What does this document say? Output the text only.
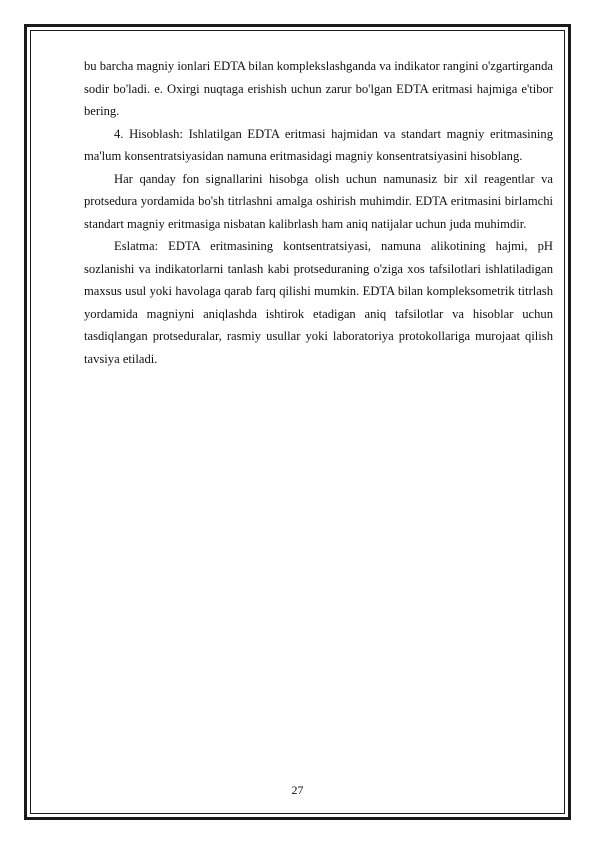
bu barcha magniy ionlari EDTA bilan komplekslashganda va indikator rangini o'zgartirganda sodir bo'ladi. e. Oxirgi nuqtaga erishish uchun zarur bo'lgan EDTA eritmasi hajmiga e'tibor bering.

4. Hisoblash: Ishlatilgan EDTA eritmasi hajmidan va standart magniy eritmasining ma'lum konsentratsiyasidan namuna eritmasidagi magniy konsentratsiyasini hisoblang.

Har qanday fon signallarini hisobga olish uchun namunasiz bir xil reagentlar va protsedura yordamida bo'sh titrlashni amalga oshirish muhimdir. EDTA eritmasini birlamchi standart magniy eritmasiga nisbatan kalibrlash ham aniq natijalar uchun juda muhimdir.

Eslatma: EDTA eritmasining kontsentratsiyasi, namuna alikotining hajmi, pH sozlanishi va indikatorlarni tanlash kabi protseduraning o'ziga xos tafsilotlari ishlatiladigan maxsus usul yoki havolaga qarab farq qilishi mumkin. EDTA bilan kompleksometrik titrlash yordamida magniyni aniqlashda ishtirok etadigan aniq tafsilotlar va hisoblar uchun tasdiqlangan protseduralar, rasmiy usullar yoki laboratoriya protokollariga murojaat qilish tavsiya etiladi.

27
